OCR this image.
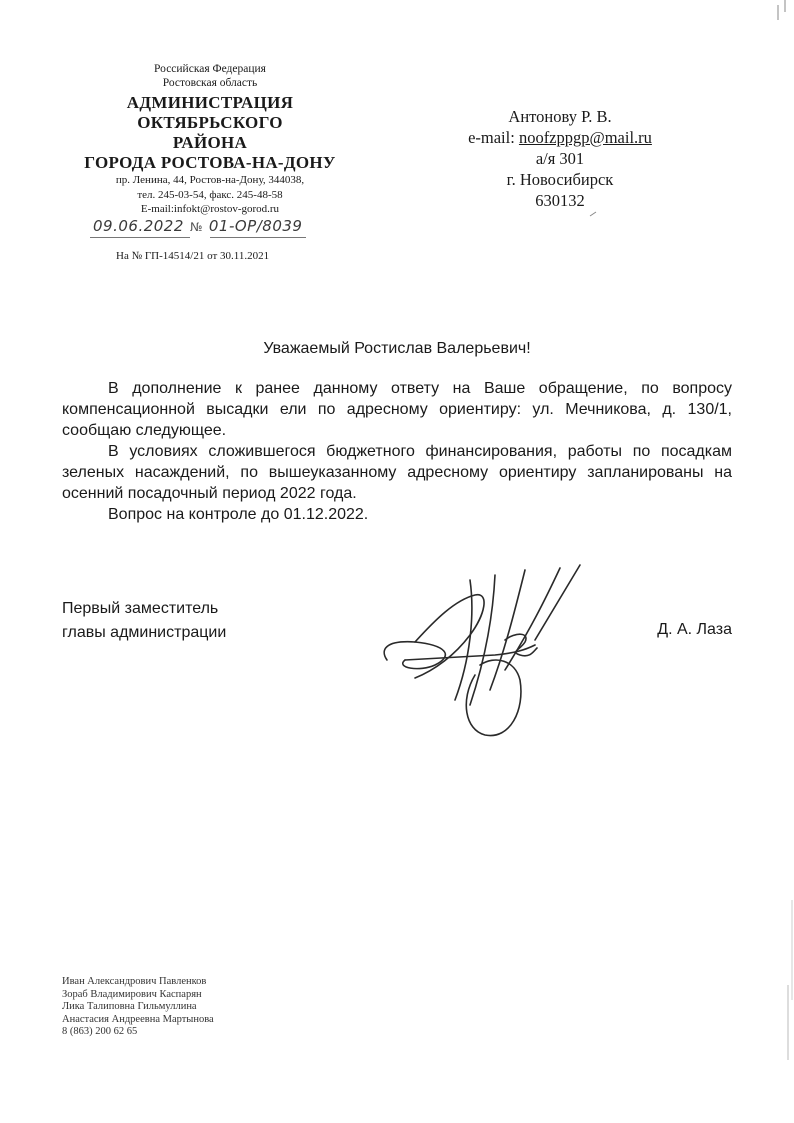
Российская Федерация
Ростовская область
АДМИНИСТРАЦИЯ
ОКТЯБРЬСКОГО
РАЙОНА
ГОРОДА РОСТОВА-НА-ДОНУ
пр. Ленина, 44, Ростов-на-Дону, 344038,
тел. 245-03-54, факс. 245-48-58
E-mail:infokt@rostov-gorod.ru
09.06.2022 № 01-ОР/8039
На № ГП-14514/21 от 30.11.2021
Антонову Р. В.
e-mail: noofzppgp@mail.ru
а/я 301
г. Новосибирск
630132
Уважаемый Ростислав Валерьевич!

В дополнение к ранее данному ответу на Ваше обращение, по вопросу компенсационной высадки ели по адресному ориентиру: ул. Мечникова, д. 130/1, сообщаю следующее.

В условиях сложившегося бюджетного финансирования, работы по посадкам зеленых насаждений, по вышеуказанному адресному ориентиру запланированы на осенний посадочный период 2022 года.

Вопрос на контроле до 01.12.2022.

Первый заместитель
главы администрации	Д. А. Лаза
Иван Александрович Павленков
Зораб Владимирович Каспарян
Лика Талиповна Гильмуллина
Анастасия Андреевна Мартынова
8 (863) 200 62 65
